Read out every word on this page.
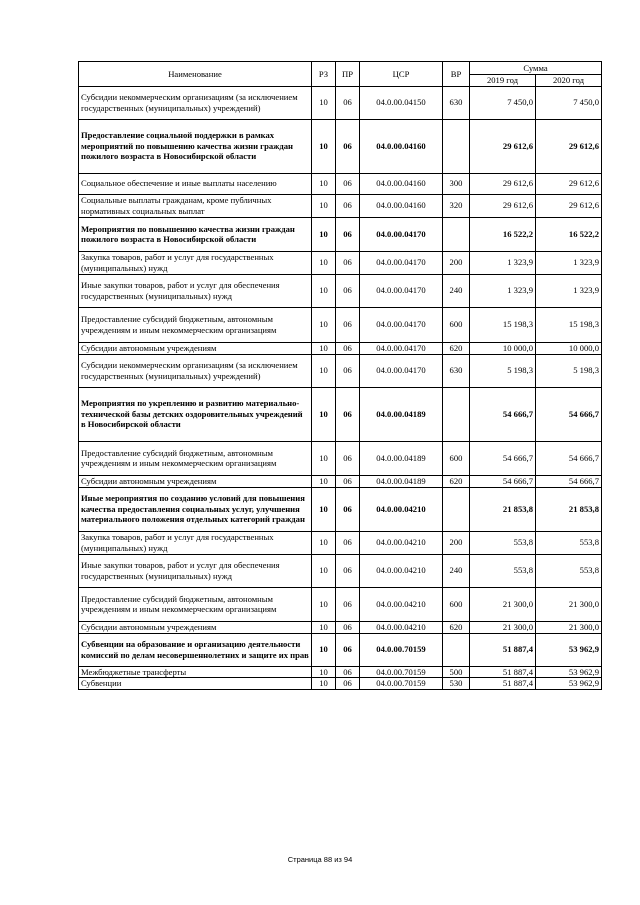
Наименование	РЗ	ПР	ЦСР	ВР	Сумма	
					2019 год	2020 год
Субсидии некоммерческим организациям (за исключением государственных (муниципальных) учреждений)	10	06	04.0.00.04150	630	7 450,0	7 450,0
Предоставление социальной поддержки в рамках мероприятий по повышению качества жизни граждан пожилого возраста в Новосибирской области	10	06	04.0.00.04160		29 612,6	29 612,6
Социальное обеспечение и иные выплаты населению	10	06	04.0.00.04160	300	29 612,6	29 612,6
Социальные выплаты гражданам, кроме публичных нормативных социальных выплат	10	06	04.0.00.04160	320	29 612,6	29 612,6
Мероприятия по повышению качества жизни граждан пожилого возраста в Новосибирской области	10	06	04.0.00.04170		16 522,2	16 522,2
Закупка товаров, работ и услуг для государственных (муниципальных) нужд	10	06	04.0.00.04170	200	1 323,9	1 323,9
Иные закупки товаров, работ и услуг для обеспечения государственных (муниципальных) нужд	10	06	04.0.00.04170	240	1 323,9	1 323,9
Предоставление субсидий бюджетным, автономным учреждениям и иным некоммерческим организациям	10	06	04.0.00.04170	600	15 198,3	15 198,3
Субсидии автономным учреждениям	10	06	04.0.00.04170	620	10 000,0	10 000,0
Субсидии некоммерческим организациям (за исключением государственных (муниципальных) учреждений)	10	06	04.0.00.04170	630	5 198,3	5 198,3
Мероприятия по укреплению и развитию материально-технической базы детских оздоровительных учреждений в Новосибирской области	10	06	04.0.00.04189		54 666,7	54 666,7
Предоставление субсидий бюджетным, автономным учреждениям и иным некоммерческим организациям	10	06	04.0.00.04189	600	54 666,7	54 666,7
Субсидии автономным учреждениям	10	06	04.0.00.04189	620	54 666,7	54 666,7
Иные мероприятия по созданию условий для повышения качества предоставления социальных услуг, улучшения материального положения отдельных категорий граждан	10	06	04.0.00.04210		21 853,8	21 853,8
Закупка товаров, работ и услуг для государственных (муниципальных) нужд	10	06	04.0.00.04210	200	553,8	553,8
Иные закупки товаров, работ и услуг для обеспечения государственных (муниципальных) нужд	10	06	04.0.00.04210	240	553,8	553,8
Предоставление субсидий бюджетным, автономным учреждениям и иным некоммерческим организациям	10	06	04.0.00.04210	600	21 300,0	21 300,0
Субсидии автономным учреждениям	10	06	04.0.00.04210	620	21 300,0	21 300,0
Субвенции на образование и организацию деятельности комиссий по делам несовершеннолетних и защите их прав	10	06	04.0.00.70159		51 887,4	53 962,9
Межбюджетные трансферты	10	06	04.0.00.70159	500	51 887,4	53 962,9
Субвенции	10	06	04.0.00.70159	530	51 887,4	53 962,9
Страница 88 из 94
